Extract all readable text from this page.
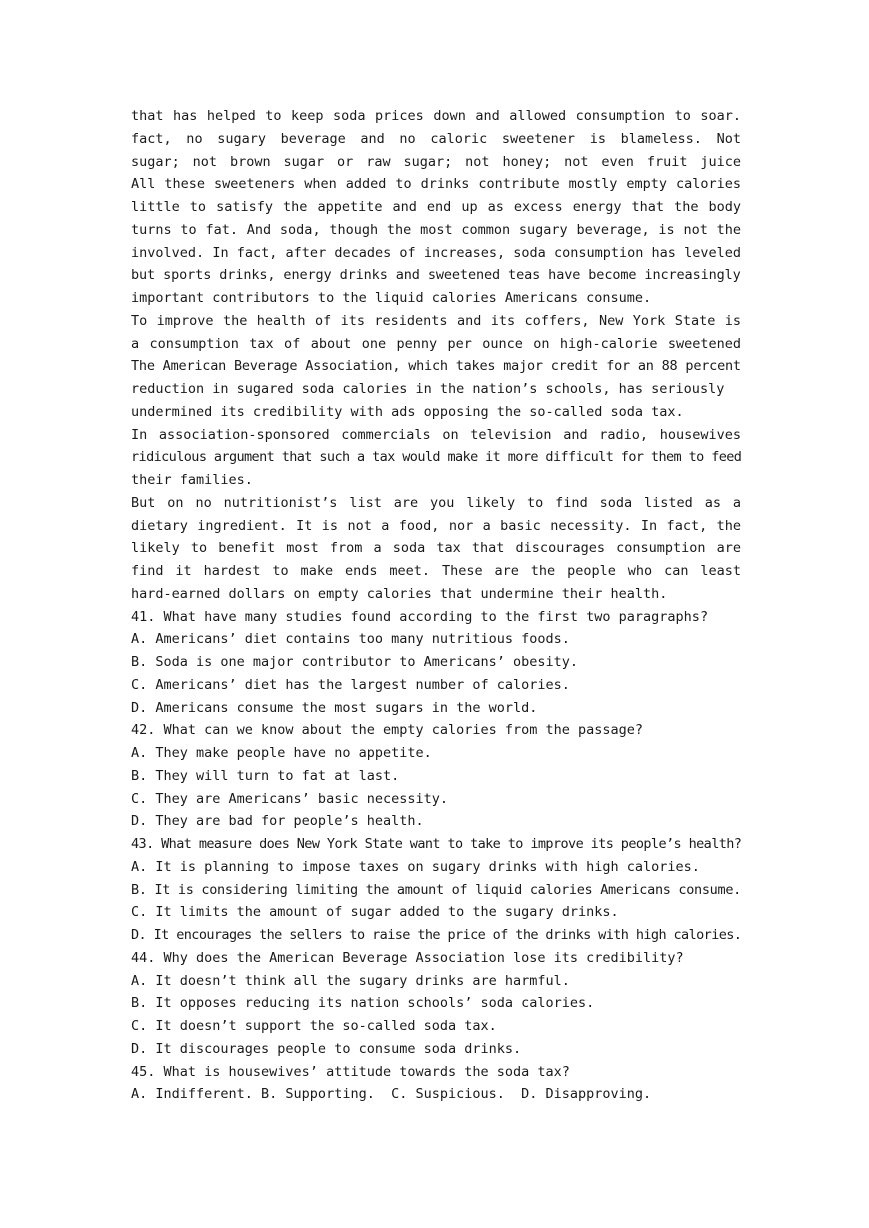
that has helped to keep soda prices down and allowed consumption to soar.
fact, no sugary beverage and no caloric sweetener is blameless. Not
sugar; not brown sugar or raw sugar; not honey; not even fruit juice
All these sweeteners when added to drinks contribute mostly empty calories
little to satisfy the appetite and end up as excess energy that the body
turns to fat. And soda, though the most common sugary beverage, is not the
involved. In fact, after decades of increases, soda consumption has leveled
but sports drinks, energy drinks and sweetened teas have become increasingly
important contributors to the liquid calories Americans consume.
To improve the health of its residents and its coffers, New York State is
a consumption tax of about one penny per ounce on high-calorie sweetened
The American Beverage Association, which takes major credit for an 88 percent
reduction in sugared soda calories in the nation’s schools, has seriously
undermined its credibility with ads opposing the so-called soda tax.
In association-sponsored commercials on television and radio, housewives
ridiculous argument that such a tax would make it more difficult for them to feed
their families.
But on no nutritionist’s list are you likely to find soda listed as a
dietary ingredient. It is not a food, nor a basic necessity. In fact, the
likely to benefit most from a soda tax that discourages consumption are
find it hardest to make ends meet. These are the people who can least
hard-earned dollars on empty calories that undermine their health.
41. What have many studies found according to the first two paragraphs?
A. Americans’ diet contains too many nutritious foods.
B. Soda is one major contributor to Americans’ obesity.
C. Americans’ diet has the largest number of calories.
D. Americans consume the most sugars in the world.
42. What can we know about the empty calories from the passage?
A. They make people have no appetite.
B. They will turn to fat at last.
C. They are Americans’ basic necessity.
D. They are bad for people’s health.
43. What measure does New York State want to take to improve its people’s health?
A. It is planning to impose taxes on sugary drinks with high calories.
B. It is considering limiting the amount of liquid calories Americans consume.
C. It limits the amount of sugar added to the sugary drinks.
D. It encourages the sellers to raise the price of the drinks with high calories.
44. Why does the American Beverage Association lose its credibility?
A. It doesn’t think all the sugary drinks are harmful.
B. It opposes reducing its nation schools’ soda calories.
C. It doesn’t support the so-called soda tax.
D. It discourages people to consume soda drinks.
45. What is housewives’ attitude towards the soda tax?
A. Indifferent. B. Supporting.  C. Suspicious.  D. Disapproving.
